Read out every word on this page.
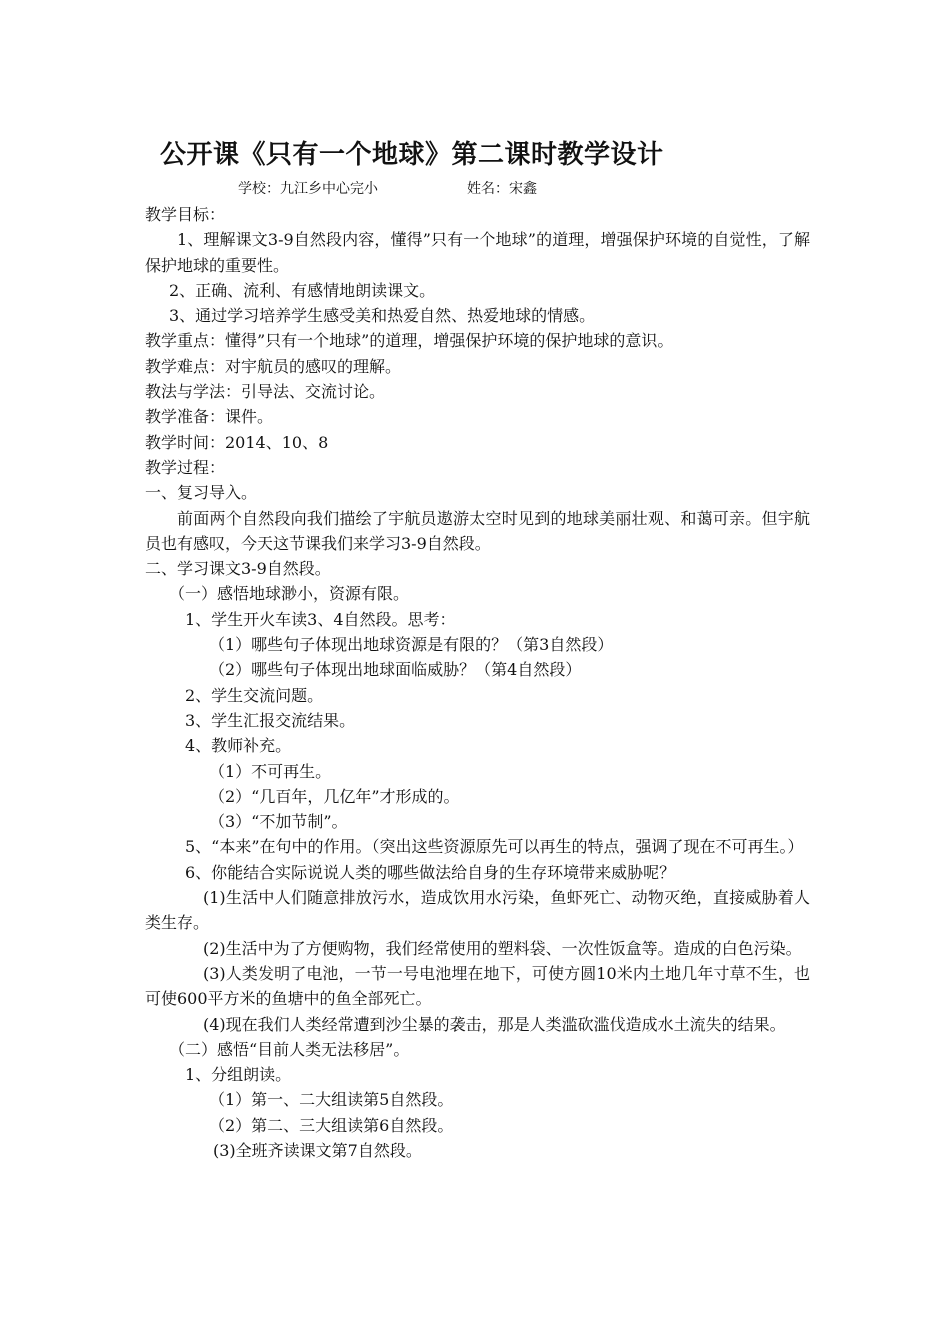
公开课《只有一个地球》第二课时教学设计
学校：九江乡中心完小	姓名：宋鑫
教学目标：
1、理解课文3-9自然段内容，懂得”只有一个地球”的道理，增强保护环境的自觉性，了解保护地球的重要性。
2、正确、流利、有感情地朗读课文。
3、通过学习培养学生感受美和热爱自然、热爱地球的情感。
教学重点：懂得”只有一个地球”的道理，增强保护环境的保护地球的意识。
教学难点：对宇航员的感叹的理解。
教法与学法：引导法、交流讨论。
教学准备：课件。
教学时间：2014、10、8
教学过程：
一、复习导入。
前面两个自然段向我们描绘了宇航员遨游太空时见到的地球美丽壮观、和蔼可亲。但宇航员也有感叹，今天这节课我们来学习3-9自然段。
二、学习课文3-9自然段。
（一）感悟地球渺小，资源有限。
1、学生开火车读3、4自然段。思考：
（1）哪些句子体现出地球资源是有限的？（第3自然段）
（2）哪些句子体现出地球面临威胁？（第4自然段）
2、学生交流问题。
3、学生汇报交流结果。
4、教师补充。
（1）不可再生。
（2）“几百年，几亿年”才形成的。
（3）“不加节制”。
5、“本来”在句中的作用。（突出这些资源原先可以再生的特点，强调了现在不可再生。）
6、你能结合实际说说人类的哪些做法给自身的生存环境带来威胁呢？
(1)生活中人们随意排放污水，造成饮用水污染，鱼虾死亡、动物灭绝，直接威胁着人类生存。
(2)生活中为了方便购物，我们经常使用的塑料袋、一次性饭盒等。造成的白色污染。
(3)人类发明了电池，一节一号电池埋在地下，可使方圆10米内土地几年寸草不生，也可使600平方米的鱼塘中的鱼全部死亡。
(4)现在我们人类经常遭到沙尘暴的袭击，那是人类滥砍滥伐造成水土流失的结果。
（二）感悟“目前人类无法移居”。
1、分组朗读。
（1）第一、二大组读第5自然段。
（2）第二、三大组读第6自然段。
(3)全班齐读课文第7自然段。
